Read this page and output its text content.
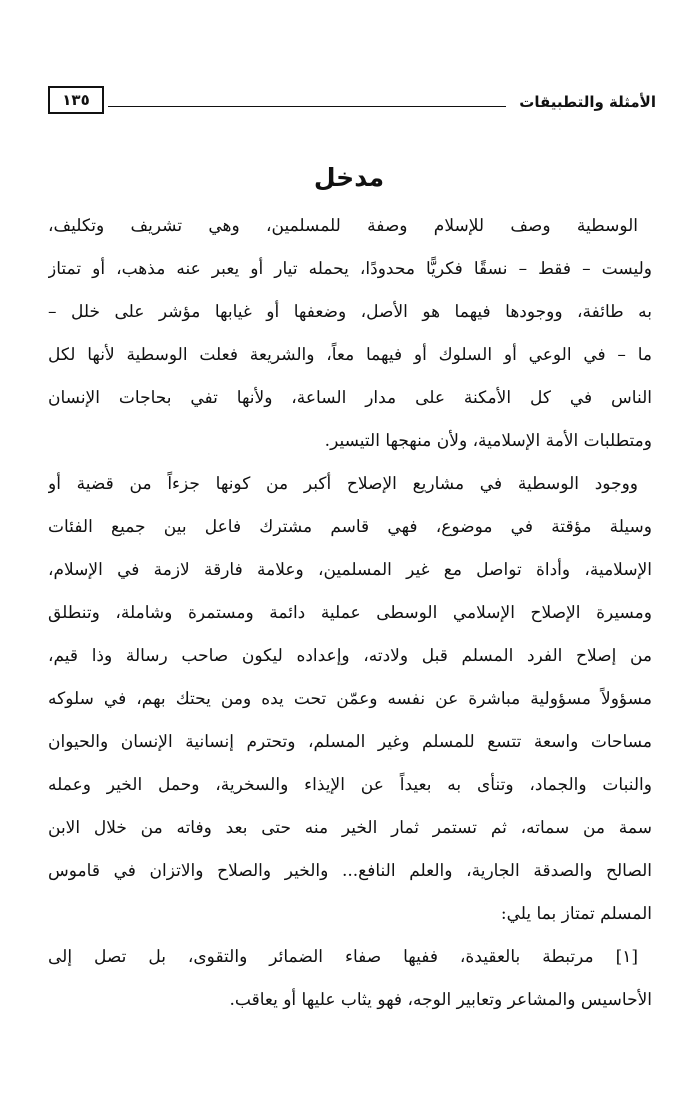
الأمثلة والتطبيقات
١٣٥
مدخل
الوسطية وصف للإسلام وصفة للمسلمين، وهي تشريف وتكليف،
وليست – فقط – نسقًا فكريًّا محدودًا، يحمله تيار أو يعبر عنه مذهب، أو تمتاز
به طائفة، ووجودها فيهما هو الأصل، وضعفها أو غيابها مؤشر على خلل –
ما – في الوعي أو السلوك أو فيهما معاً، والشريعة فعلت الوسطية لأنها لكل
الناس في كل الأمكنة على مدار الساعة، ولأنها تفي بحاجات الإنسان
ومتطلبات الأمة الإسلامية، ولأن منهجها التيسير.
ووجود الوسطية في مشاريع الإصلاح أكبر من كونها جزءاً من قضية أو
وسيلة مؤقتة في موضوع، فهي قاسم مشترك فاعل بين جميع الفئات
الإسلامية، وأداة تواصل مع غير المسلمين، وعلامة فارقة لازمة في الإسلام،
ومسيرة الإصلاح الإسلامي الوسطى عملية دائمة ومستمرة وشاملة، وتنطلق
من إصلاح الفرد المسلم قبل ولادته، وإعداده ليكون صاحب رسالة وذا قيم،
مسؤولاً مسؤولية مباشرة عن نفسه وعمّن تحت يده ومن يحتك بهم، في سلوكه
مساحات واسعة تتسع للمسلم وغير المسلم، وتحترم إنسانية الإنسان والحيوان
والنبات والجماد، وتنأى به بعيداً عن الإيذاء والسخرية، وحمل الخير وعمله
سمة من سماته، ثم تستمر ثمار الخير منه حتى بعد وفاته من خلال الابن
الصالح والصدقة الجارية، والعلم النافع... والخير والصلاح والاتزان في قاموس
المسلم تمتاز بما يلي:
[١] مرتبطة بالعقيدة، ففيها صفاء الضمائر والتقوى، بل تصل إلى
الأحاسيس والمشاعر وتعابير الوجه، فهو يثاب عليها أو يعاقب.
